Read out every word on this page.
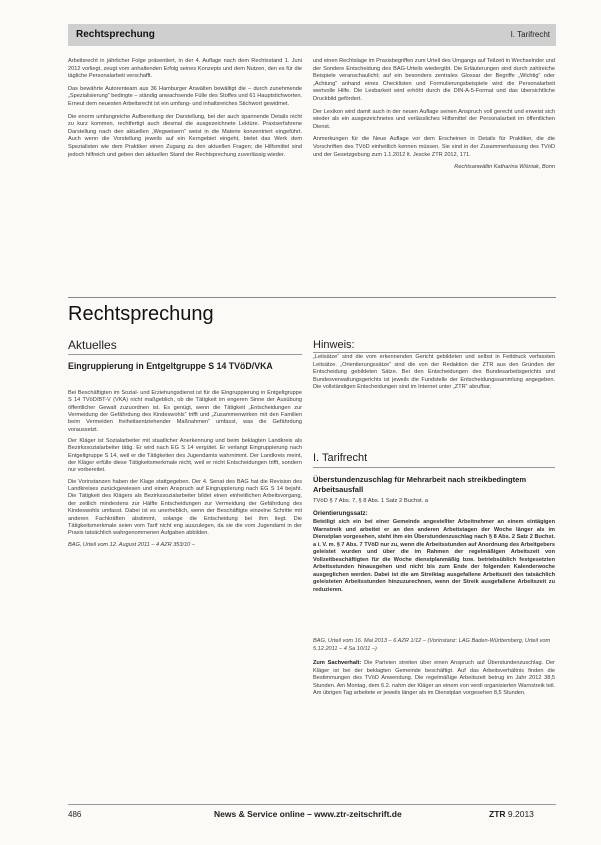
Rechtsprechung	I. Tarifrecht

Arbeitsrecht in jährlicher Folge präsentiert, in der 4. Auflage nach dem Rechtsstand 1. Juni 2012 vorliegt, zeugt vom anhaltenden Erfolg seines Konzepts und dem Nutzen, den es für die tägliche Personalarbeit verschafft.

Das bewährte Autorenteam aus 36 Hamburger Anwälten bewältigt die – durch zunehmende „Spezialisierung“ bedingte – ständig anwachsende Fülle des Stoffes und 61 Hauptstichworten. Erneut dem neuesten Arbeitsrecht ist ein umfang- und inhaltsreiches Stichwort gewidmet.

Die enorm umfangreiche Aufbereitung der Darstellung, bei der auch spannende Details nicht zu kurz kommen, rechtfertigt auch diesmal die ausgezeichnete Lektüre. Praxiserfahrene Darstellung nach den aktuellen „Wegweisern“ weist in die Materie konzentriert eingeführt. Auch wenn die Vorstellung jeweils auf ein Kerngebiet eingeht, bietet das Werk dem Spezialisten wie dem Praktiker einen Zugang zu den aktuellen Fragen; die Hilfsmittel sind jedoch hilfreich und geben den aktuellen Stand der Rechtsprechung zuverlässig wieder.

und einen Rechtslage im Praxisbegriffen zum Urteil des Umgangs auf Teilzeit in Wechselnder und der Sondere Entscheidung des BAG-Urteils wiedergibt. Die Erläuterungen sind durch zahlreiche Beispiele veranschaulicht; auf ein besonders zentrales Glossar der Begriffe „Wichtig“ oder „Achtung“ anhand eines Checklisten und Formulierungsbeispiele wird die Personalarbeit wertvolle Hilfe. Die Lesbarkeit wird erhöht durch die DIN-A-5-Format und das übersichtliche Druckbild gefördert.

Der Lexikon wird damit auch in der neuen Auflage seinen Anspruch voll gerecht und erweist sich wieder als ein ausgezeichnetes und verlässliches Hilfsmittel der Personalarbeit im öffentlichen Dienst.

Anmerkungen für die Neue Auflage vor dem Erscheinen in Details für Praktiker, die die Vorschriften des TVöD einheitlich kennen müssen. Sie sind in der Zusammenfassung des TVöD und der Gesetzgebung zum 1.1.2012 lt. Jescke ZTR 2012, 171.

Rechtsanwältin Katharina Wiśniak, Bonn

Rechtsprechung
Aktuelles
Eingruppierung in Entgeltgruppe S 14 TVöD/VKA

Bei Beschäftigten im Sozial- und Erziehungsdienst ist für die Eingruppierung in Entgeltgruppe S 14 TVöD/BT-V (VKA) nicht maßgeblich, ob die Tätigkeit im engeren Sinne der Ausübung öffentlicher Gewalt zuzuordnen ist. Es genügt, wenn die Tätigkeit „Entscheidungen zur Vermeidung der Gefährdung des Kindeswohls“ trifft und „Zusammenwirken mit den Familien beim Vermeiden freiheitsentziehender Maßnahmen“ umfasst, was die Gefährdung voraussetzt.

Der Kläger ist Sozialarbeiter mit staatlicher Anerkennung und beim beklagten Landkreis als Bezirkssozialarbeiter tätig. Er wird nach EG S 14 vergütet. Er verlangt Eingruppierung nach Entgeltgruppe S 14, weil er die Tätigkeiten des Jugendamts wahrnimmt. Der Landkreis meint, der Kläger erfülle diese Tätigkeitsmerkmale nicht, weil er nicht Entscheidungen trifft, sondern nur vorbereitet.

Die Vorinstanzen haben der Klage stattgegeben. Der 4. Senat des BAG hat die Revision des Landkreises zurückgewiesen und einen Anspruch auf Eingruppierung nach EG S 14 bejaht. Die Tätigkeit des Klägers als Bezirkssozialarbeiter bildet einen einheitlichen Arbeitsvorgang, der zeitlich mindestens zur Hälfte Entscheidungen zur Vermeidung der Gefährdung des Kindeswohls umfasst. Dabei ist es unerheblich, wenn der Beschäftigte einzelne Schritte mit anderen Fachkräften abstimmt, solange die Entscheidung bei ihm liegt. Die Tätigkeitsmerkmale seien vom Tarif nicht eng auszulegen, da sie die vom Jugendamt in der Praxis tatsächlich wahrgenommenen Aufgaben abbilden.

BAG, Urteil vom 12. August 2011 – 4 AZR 353/10 –

Hinweis:
„Leitsätze“ sind die vom erkennenden Gericht gebildeten und selbst in Fettdruck verfassten Leitsätze. „Orientierungssätze“ sind die von der Redaktion der ZTR aus den Gründen der Entscheidung gebildeten Sätze. Bei den Entscheidungen des Bundesarbeitsgerichts und Bundesverwaltungsgerichts ist jeweils die Fundstelle der Entscheidungssammlung angegeben. Die vollständigen Entscheidungen sind im Internet unter „ZTR“ abrufbar.
I. Tarifrecht
Überstundenzuschlag für Mehrarbeit nach streikbedingtem Arbeitsausfall
TVöD § 7 Abs. 7, § 8 Abs. 1 Satz 2 Buchst. a
Orientierungssatz:
Beteiligt sich ein bei einer Gemeinde angestellter Arbeitnehmer an einem eintägigen Warnstreik und arbeitet er an den anderen Arbeitstagen der Woche länger als im Dienstplan vorgesehen, steht ihm ein Überstundenzuschlag nach § 8 Abs. 2 Satz 2 Buchst. a i. V. m. § 7 Abs. 7 TVöD nur zu, wenn die Arbeitsstunden auf Anordnung des Arbeitgebers geleistet wurden und über die im Rahmen der regelmäßigen Arbeitszeit von Vollzeitbeschäftigten für die Woche dienstplanmäßig bzw. betriebsüblich festgesetzten Arbeitsstunden hinausgehen und nicht bis zum Ende der folgenden Kalenderwoche ausgeglichen werden. Dabei ist die am Streiktag ausgefallene Arbeitszeit den tatsächlich geleisteten Arbeitsstunden hinzuzurechnen, wenn der Streik ausgefallene Arbeitszeit zu reduzieren.
BAG, Urteil vom 16. Mai 2013 – 6 AZR 1/12 – (Vorinstanz: LAG Baden-Württemberg, Urteil vom 5.12.2011 – 4 Sa 10/11 –)
Zum Sachverhalt: Die Parteien streiten über einen Anspruch auf Überstundenzuschlag. Der Kläger ist bei der beklagten Gemeinde beschäftigt. Auf das Arbeitsverhältnis finden die Bestimmungen des TVöD Anwendung. Die regelmäßige Arbeitszeit betrug im Jahr 2012 38,5 Stunden. Am Montag, dem 6.2. nahm der Kläger an einem von verdi organisierten Warnstreik teil. Am übrigen Tag arbeitete er jeweils länger als im Dienstplan vorgesehen 8,5 Stunden.
486	News & Service online – www.ztr-zeitschrift.de	ZTR 9.2013
